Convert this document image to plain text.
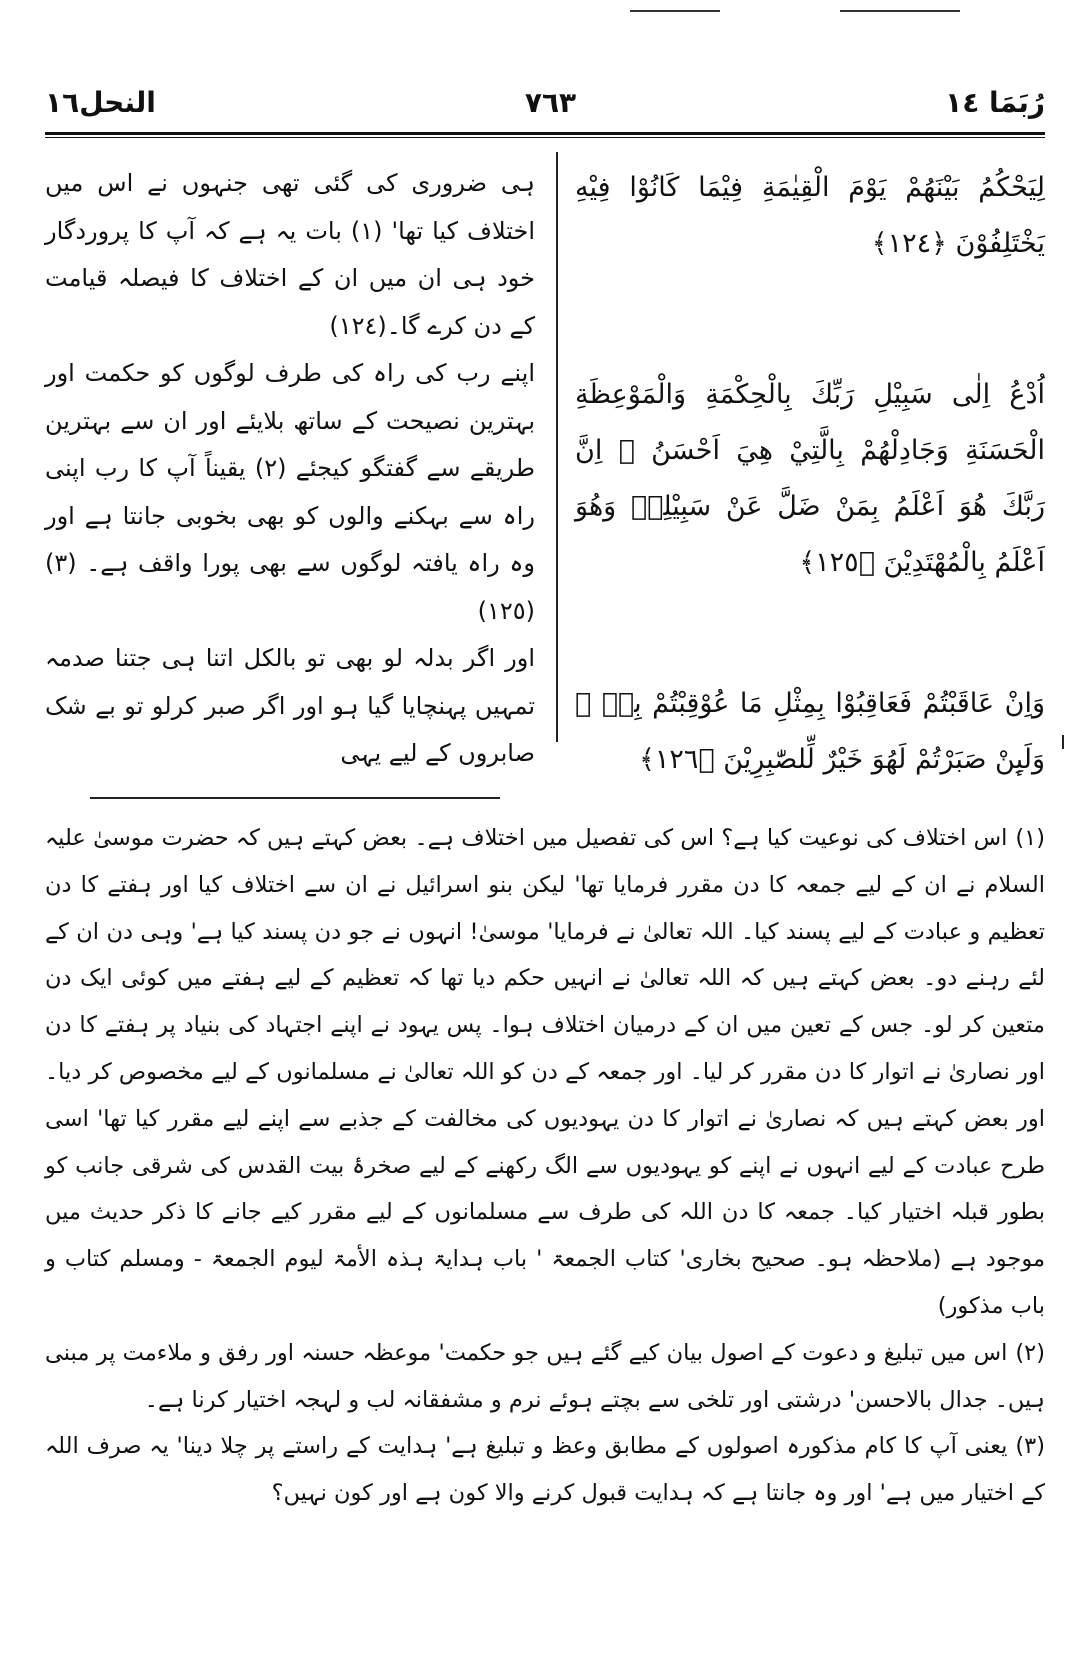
النحل١٦	٧٦٣	رُبَمَا ١٤

لِيَحْكُمُ بَيْنَهُمْ يَوْمَ الْقِيٰمَةِ فِيْمَا كَانُوْا فِيْهِ يَخْتَلِفُوْنَ ﴿١٢٤﴾

اُدْعُ اِلٰى سَبِيْلِ رَبِّكَ بِالْحِكْمَةِ وَالْمَوْعِظَةِ الْحَسَنَةِ وَجَادِلْهُمْ بِالَّتِيْ هِيَ اَحْسَنُ ۭ اِنَّ رَبَّكَ هُوَ اَعْلَمُ بِمَنْ ضَلَّ عَنْ سَبِيْلِهٖ وَهُوَ اَعْلَمُ بِالْمُهْتَدِيْنَ ﴿١٢٥﴾

وَاِنْ عَاقَبْتُمْ فَعَاقِبُوْا بِمِثْلِ مَا عُوْقِبْتُمْ بِهٖ ۭ وَلَىِٕنْ صَبَرْتُمْ لَهُوَ خَيْرٌ لِّلصّٰبِرِيْنَ ﴿١٢٦﴾

ہی ضروری کی گئی تھی جنہوں نے اس میں اختلاف کیا تھا' (١) بات یہ ہے کہ آپ کا پروردگار خود ہی ان میں ان کے اختلاف کا فیصلہ قیامت کے دن کرے گا۔(١٢٤)

اپنے رب کی راہ کی طرف لوگوں کو حکمت اور بہترین نصیحت کے ساتھ بلایئے اور ان سے بہترین طریقے سے گفتگو کیجئے (٢) یقیناً آپ کا رب اپنی راہ سے بہکنے والوں کو بھی بخوبی جانتا ہے اور وہ راہ یافتہ لوگوں سے بھی پورا واقف ہے۔ (٣) (١٢٥)

اور اگر بدلہ لو بھی تو بالکل اتنا ہی جتنا صدمہ تمہیں پہنچایا گیا ہو اور اگر صبر کرلو تو بے شک صابروں کے لیے یہی

(١)اس اختلاف کی نوعیت کیا ہے؟ اس کی تفصیل میں اختلاف ہے۔ بعض کہتے ہیں کہ حضرت موسیٰ علیہ السلام نے ان کے لیے جمعہ کا دن مقرر فرمایا تھا' لیکن بنو اسرائیل نے ان سے اختلاف کیا اور ہفتے کا دن تعظیم و عبادت کے لیے پسند کیا۔ اللہ تعالیٰ نے فرمایا' موسیٰ! انہوں نے جو دن پسند کیا ہے' وہی دن ان کے لئے رہنے دو۔ بعض کہتے ہیں کہ اللہ تعالیٰ نے انہیں حکم دیا تھا کہ تعظیم کے لیے ہفتے میں کوئی ایک دن متعین کر لو۔ جس کے تعین میں ان کے درمیان اختلاف ہوا۔ پس یہود نے اپنے اجتہاد کی بنیاد پر ہفتے کا دن اور نصاریٰ نے اتوار کا دن مقرر کر لیا۔ اور جمعہ کے دن کو اللہ تعالیٰ نے مسلمانوں کے لیے مخصوص کر دیا۔ اور بعض کہتے ہیں کہ نصاریٰ نے اتوار کا دن یہودیوں کی مخالفت کے جذبے سے اپنے لیے مقرر کیا تھا' اسی طرح عبادت کے لیے انہوں نے اپنے کو یہودیوں سے الگ رکھنے کے لیے صخرۂ بیت القدس کی شرقی جانب کو بطور قبلہ اختیار کیا۔ جمعہ کا دن اللہ کی طرف سے مسلمانوں کے لیے مقرر کیے جانے کا ذکر حدیث میں موجود ہے (ملاحظہ ہو۔ صحیح بخاری' کتاب الجمعۃ ' باب ہدایۃ ہذہ الأمۃ لیوم الجمعۃ - ومسلم کتاب و باب مذکور)

(٢)اس میں تبلیغ و دعوت کے اصول بیان کیے گئے ہیں جو حکمت' موعظہ حسنہ اور رفق و ملاءمت پر مبنی ہیں۔ جدال بالاحسن' درشتی اور تلخی سے بچتے ہوئے نرم و مشفقانہ لب و لہجہ اختیار کرنا ہے۔

(٣)یعنی آپ کا کام مذکورہ اصولوں کے مطابق وعظ و تبلیغ ہے' ہدایت کے راستے پر چلا دینا' یہ صرف اللہ کے اختیار میں ہے' اور وہ جانتا ہے کہ ہدایت قبول کرنے والا کون ہے اور کون نہیں؟
